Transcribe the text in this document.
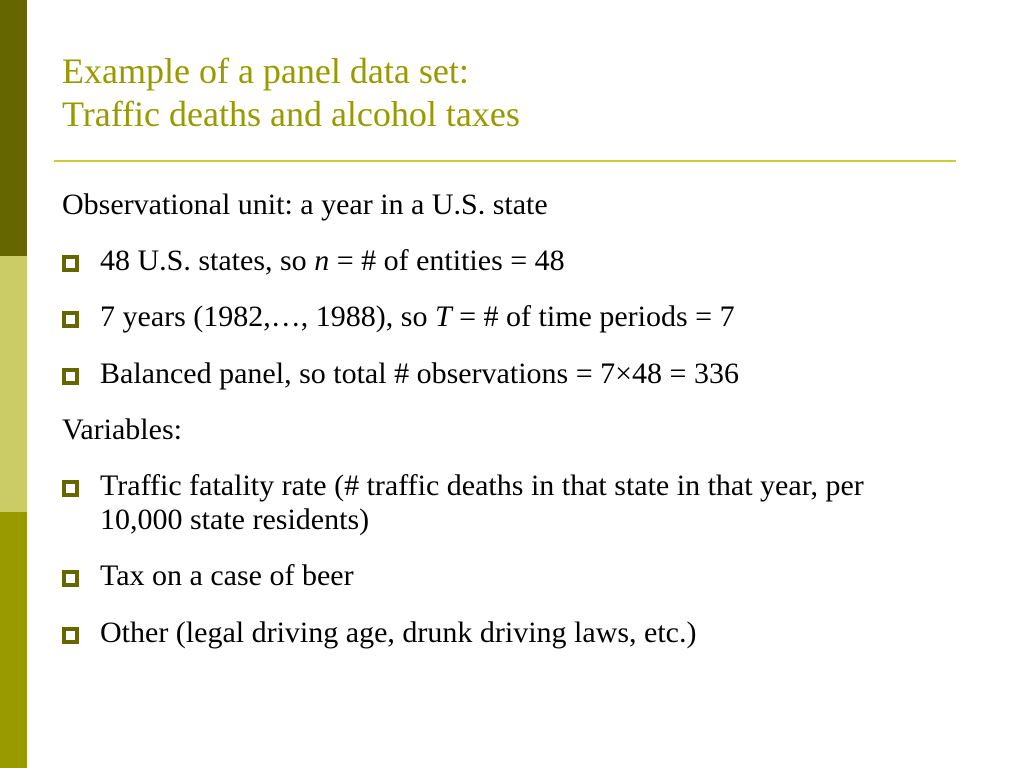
Example of a panel data set:
Traffic deaths and alcohol taxes

Observational unit: a year in a U.S. state

48 U.S. states, so n = # of entities = 48

7 years (1982,…, 1988), so T = # of time periods = 7

Balanced panel, so total # observations = 7×48 = 336

Variables:

Traffic fatality rate (# traffic deaths in that state in that year, per 10,000 state residents)

Tax on a case of beer

Other (legal driving age, drunk driving laws, etc.)
